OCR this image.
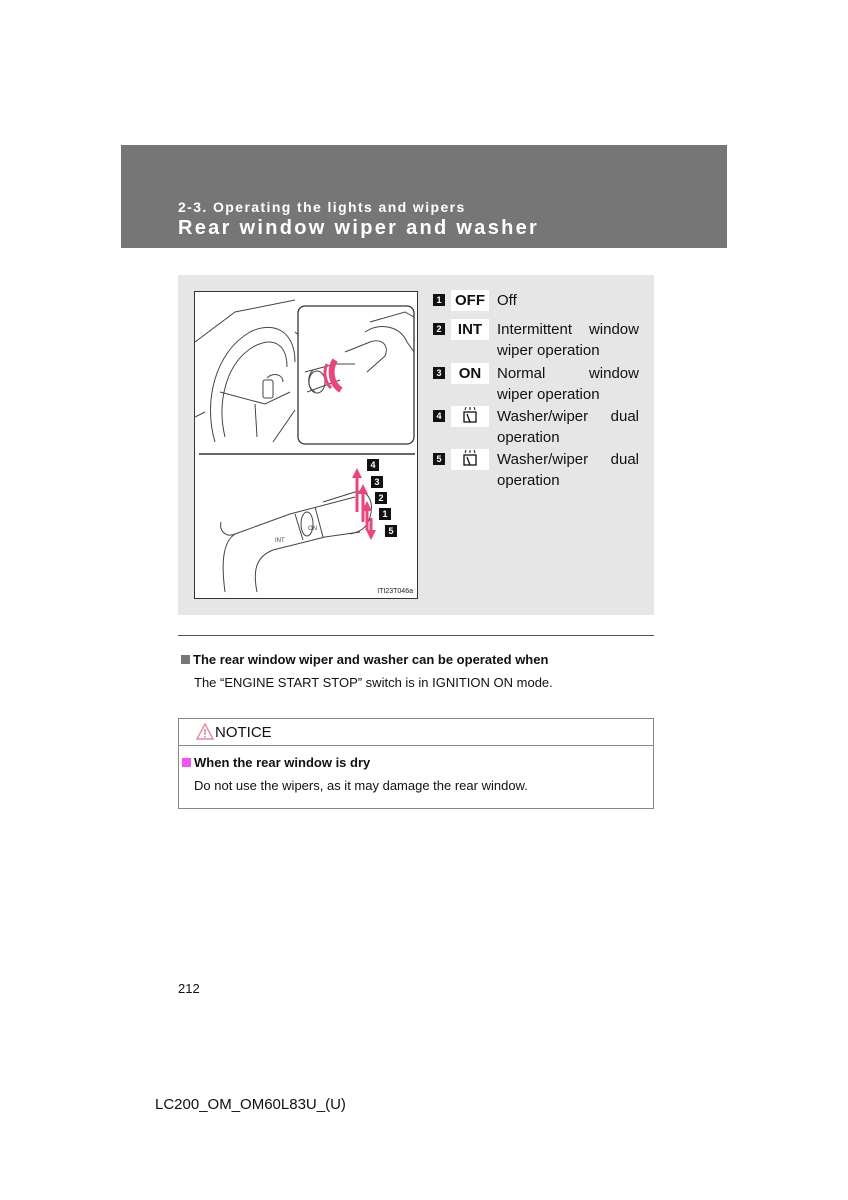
2-3. Operating the lights and wipers
Rear window wiper and washer
INT
ON
4
3
2
1
5
ITI23T046a
1 OFF Off
2	INT Intermittent window wiper operation
3	ON	Normal window wiper operation
4	Washer/wiper dual operation
5	Washer/wiper dual operation
The rear window wiper and washer can be operated when
The “ENGINE START STOP” switch is in IGNITION ON mode.
NOTICE
When the rear window is dry
Do not use the wipers, as it may damage the rear window.
212
LC200_OM_OM60L83U_(U)
